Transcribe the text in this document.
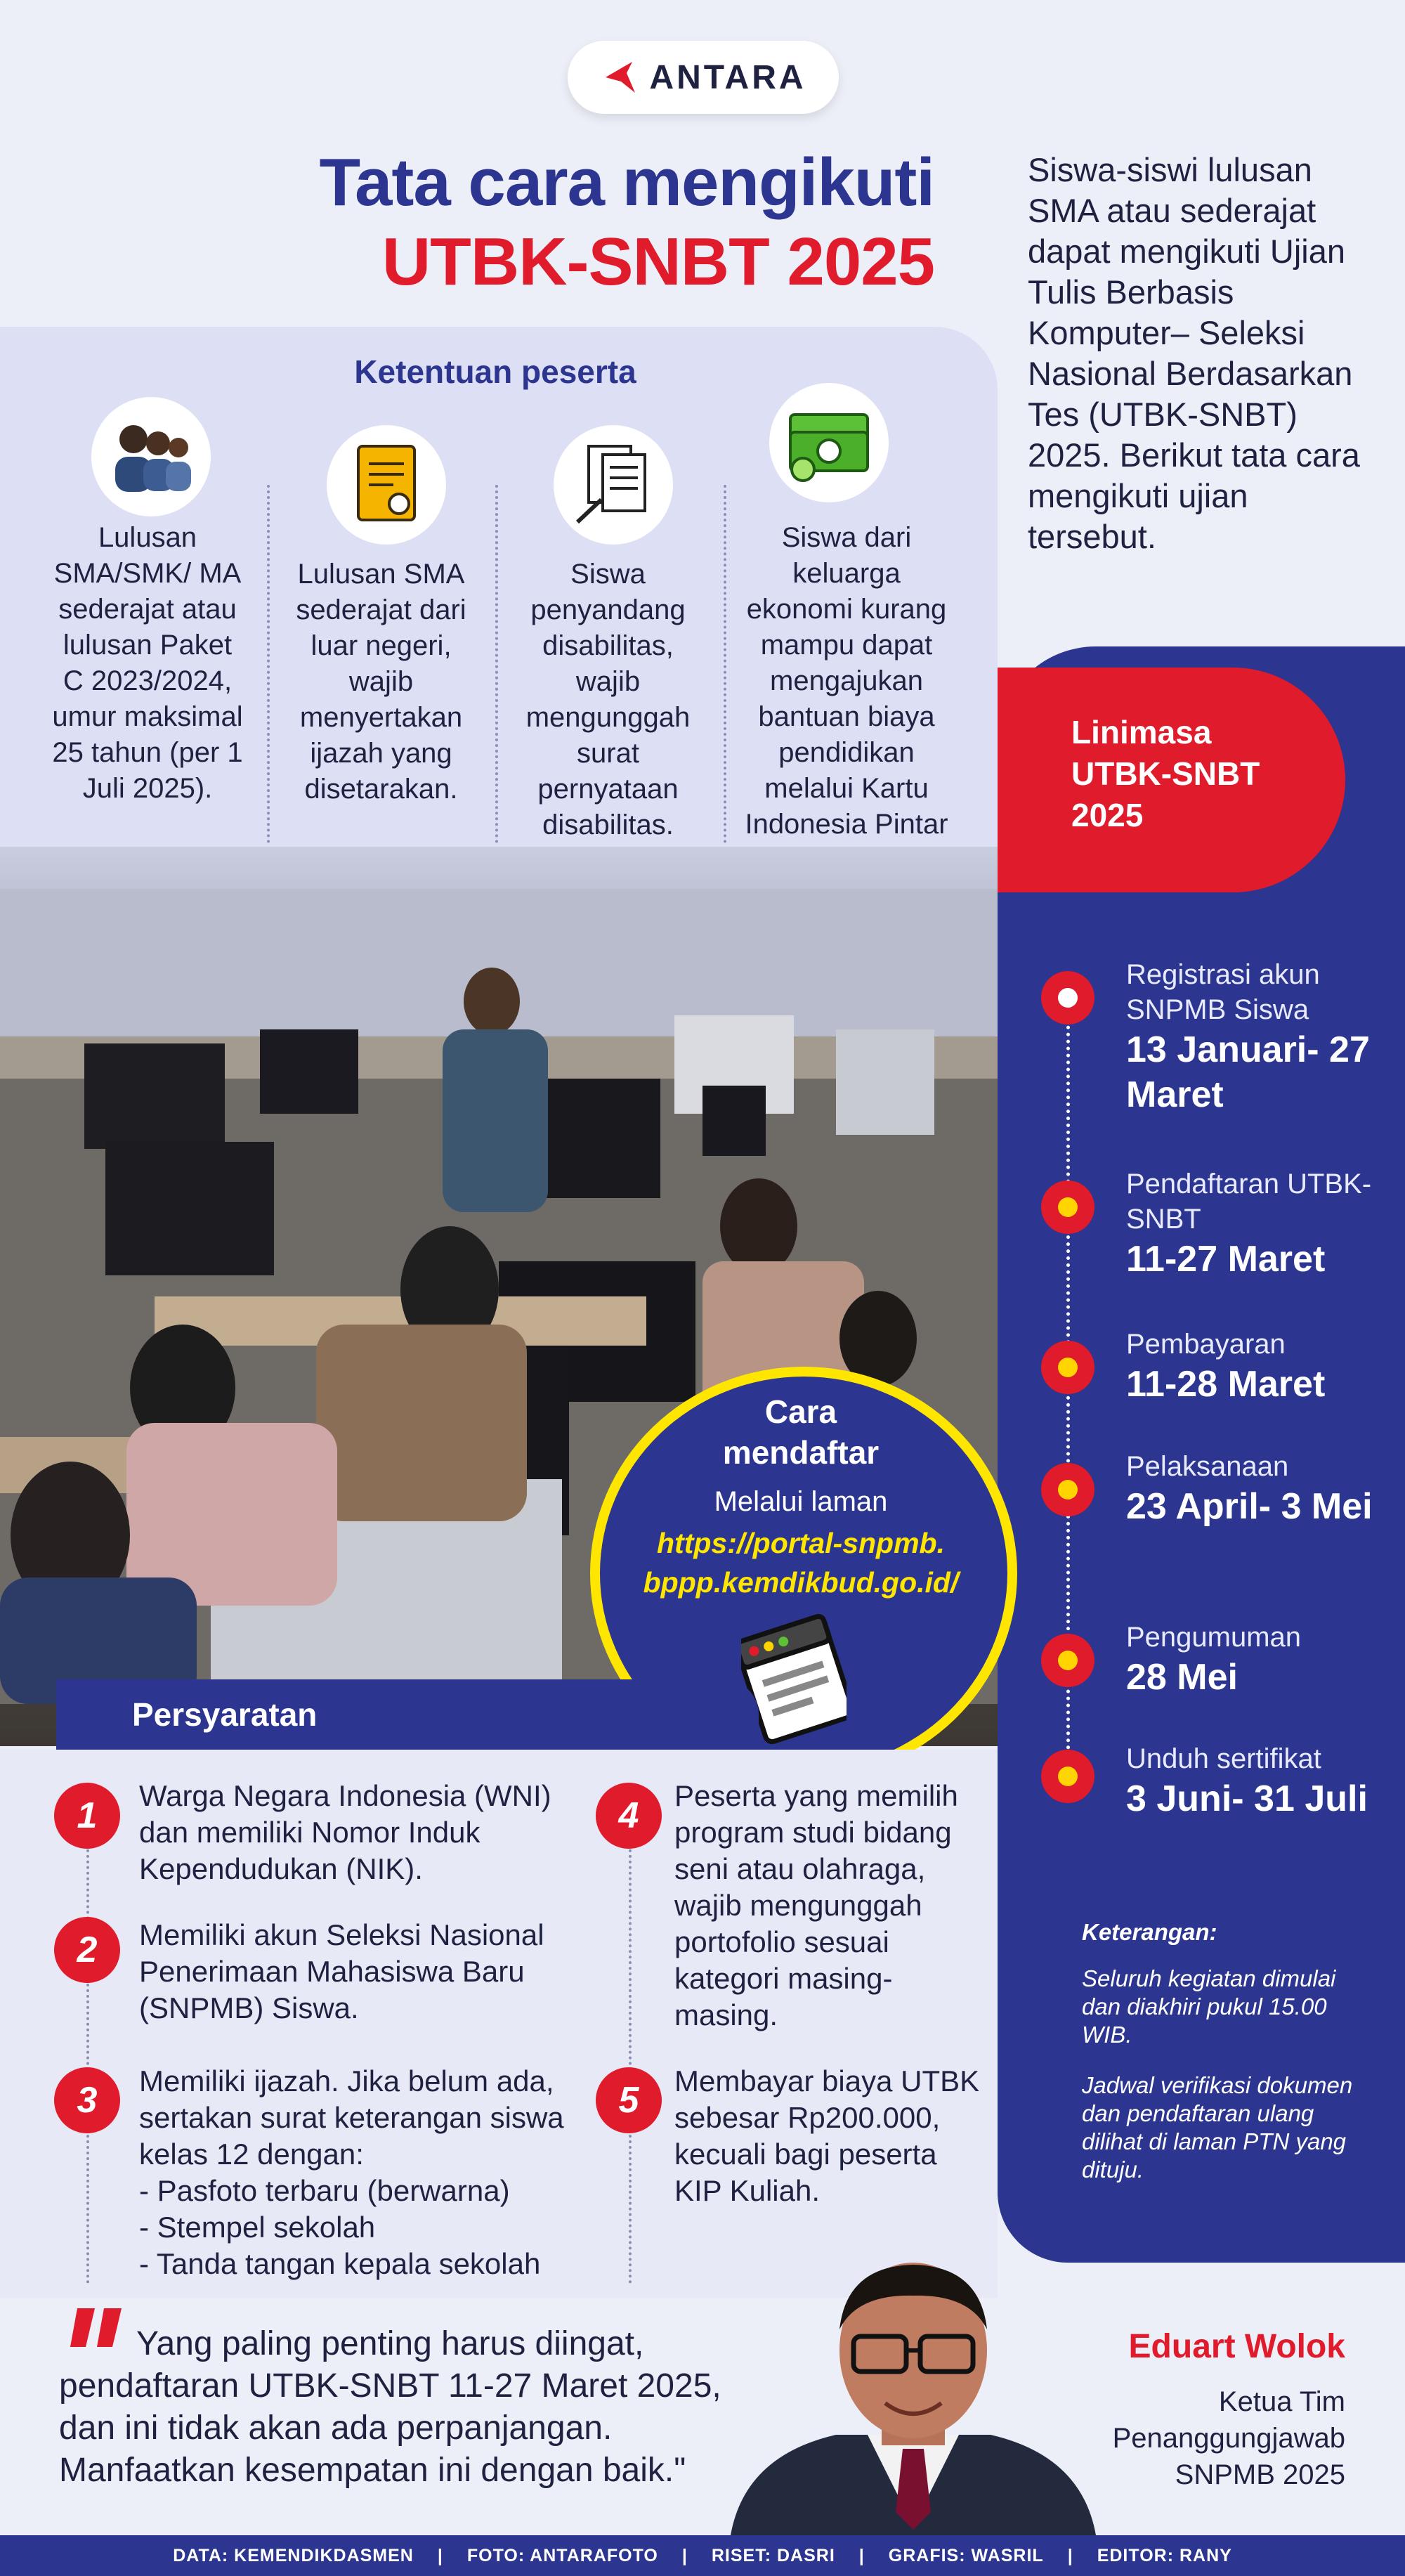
ANTARA
Tata cara mengikuti
UTBK-SNBT 2025
Siswa-siswi lulusan SMA atau sederajat dapat mengikuti Ujian Tulis Berbasis Komputer– Seleksi Nasional Berdasarkan Tes (UTBK-SNBT) 2025. Berikut tata cara mengikuti ujian tersebut.
Ketentuan peserta
Lulusan SMA/SMK/ MA sederajat atau lulusan Paket C 2023/2024, umur maksimal 25 tahun (per 1 Juli 2025).
Lulusan SMA sederajat dari luar negeri, wajib menyertakan ijazah yang disetarakan.
Siswa penyandang disabilitas, wajib mengunggah surat pernyataan disabilitas.
Siswa dari keluarga ekonomi kurang mampu dapat mengajukan bantuan biaya pendidikan melalui Kartu Indonesia Pintar
Linimasa UTBK-SNBT 2025
Registrasi akun SNPMB Siswa
13 Januari- 27 Maret
Pendaftaran UTBK-SNBT
11-27 Maret
Pembayaran
11-28 Maret
Pelaksanaan
23 April- 3 Mei
Pengumuman
28 Mei
Unduh sertifikat
3 Juni- 31 Juli
Keterangan:
Seluruh kegiatan dimulai dan diakhiri pukul 15.00 WIB.
Jadwal verifikasi dokumen dan pendaftaran ulang dilihat di laman PTN yang dituju.
Cara mendaftar
Melalui laman
https://portal-snpmb. bppp.kemdikbud.go.id/
Persyaratan
1	Warga Negara Indonesia (WNI) dan memiliki Nomor Induk Kependudukan (NIK).
2	Memiliki akun Seleksi Nasional Penerimaan Mahasiswa Baru (SNPMB) Siswa.
3	Memiliki ijazah. Jika belum ada, sertakan surat keterangan siswa kelas 12 dengan:
- Pasfoto terbaru (berwarna)
- Stempel sekolah
- Tanda tangan kepala sekolah
4	Peserta yang memilih program studi bidang seni atau olahraga, wajib mengunggah portofolio sesuai kategori masing-masing.
5	Membayar biaya UTBK sebesar Rp200.000, kecuali bagi peserta KIP Kuliah.
Yang paling penting harus diingat, pendaftaran UTBK-SNBT 11-27 Maret 2025, dan ini tidak akan ada perpanjangan. Manfaatkan kesempatan ini dengan baik."
Eduart Wolok
Ketua Tim Penanggungjawab SNPMB 2025
DATA: KEMENDIKDASMEN | FOTO: ANTARAFOTO | RISET: DASRI | GRAFIS: WASRIL | EDITOR: RANY
